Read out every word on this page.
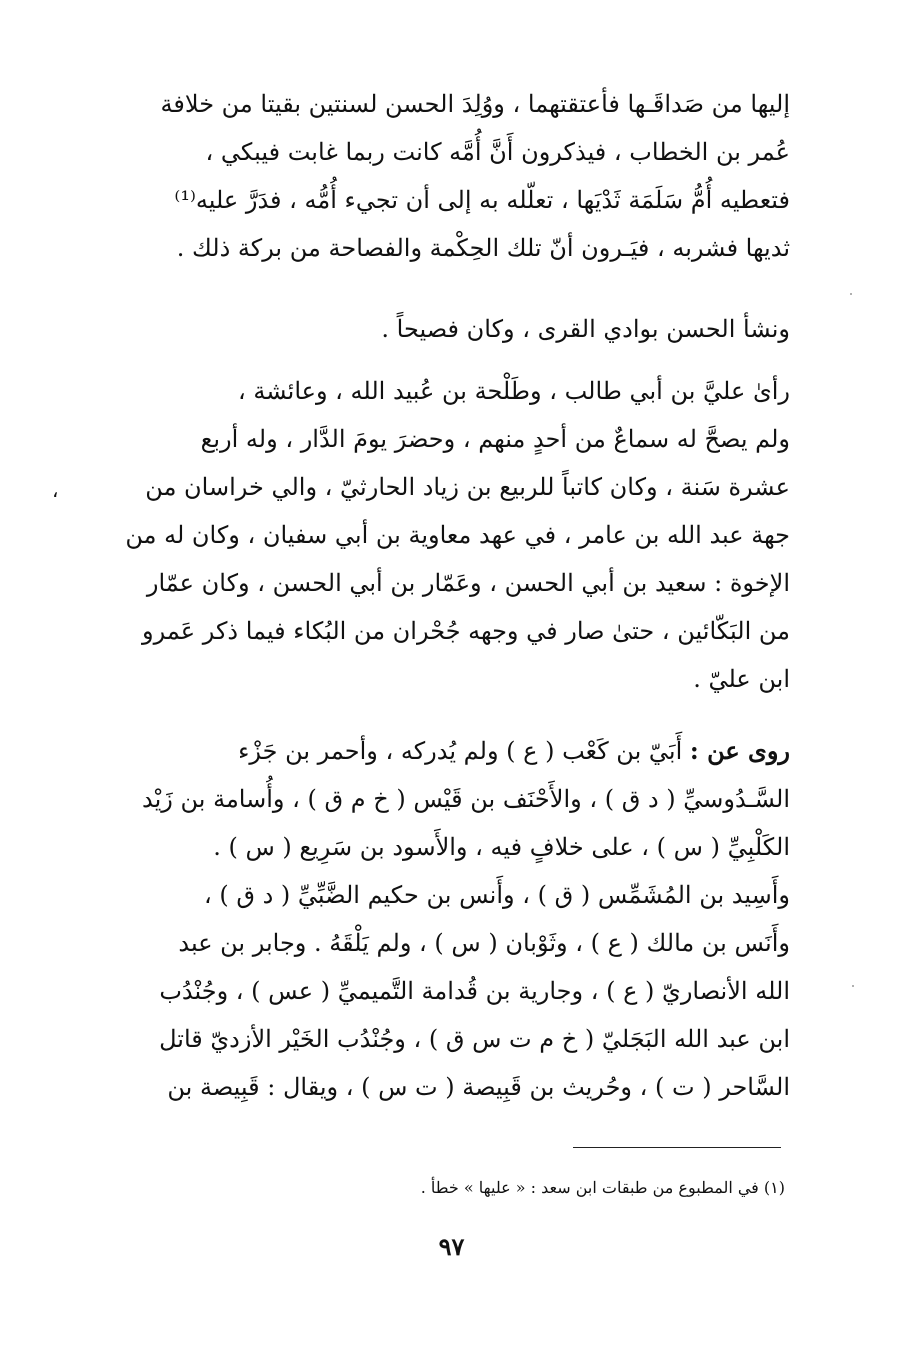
إليها من صَداقَـها فأعتقتهما ، ووُلِدَ الحسن لسنتين بقيتا من خلافة
عُمر بن الخطاب ، فيذكرون أَنَّ أُمَّه كانت ربما غابت فيبكي ،
فتعطيه أُمُّ سَلَمَة ثَدْيَها ، تعلّله به إلى أن تجيء أُمُّه ، فدَرَّ عليه⁽¹⁾
ثديها فشربه ، فيَـرون أنّ تلك الحِكْمة والفصاحة من بركة ذلك .
ونشأ الحسن بوادي القرى ، وكان فصيحاً .
رأىٰ عليَّ بن أبي طالب ، وطَلْحة بن عُبيد الله ، وعائشة ،
ولم يصحَّ له سماعٌ من أحدٍ منهم ، وحضرَ يومَ الدَّار ، وله أربع
عشرة سَنة ، وكان كاتباً للربيع بن زياد الحارثيّ ، والي خراسان من
جهة عبد الله بن عامر ، في عهد معاوية بن أبي سفيان ، وكان له من
الإخوة : سعيد بن أبي الحسن ، وعَمّار بن أبي الحسن ، وكان عمّار
من البَكّائين ، حتىٰ صار في وجهه جُحْران من البُكاء فيما ذكر عَمرو
ابن عليّ .
روى عن : أَبَيّ بن كَعْب ( ع ) ولم يُدركه ، وأحمر بن جَزْء
السَّـدُوسيِّ ( د ق ) ، والأَحْنَف بن قَيْس ( خ م ق ) ، وأُسامة بن زَيْد
الكَلْبِيِّ ( س ) ، على خلافٍ فيه ، والأَسود بن سَرِيع ( س ) .
وأَسِيد بن المُشَمِّس ( ق ) ، وأَنس بن حكيم الضَّبِّيِّ ( د ق ) ،
وأَنَس بن مالك ( ع ) ، وثَوْبان ( س ) ، ولم يَلْقَهُ . وجابر بن عبد
الله الأنصاريّ ( ع ) ، وجارية بن قُدامة التَّميميِّ ( عس ) ، وجُنْدُب
ابن عبد الله البَجَليّ ( خ م ت س ق ) ، وجُنْدُب الخَيْر الأزديّ قاتل
السَّاحر ( ت ) ، وحُريث بن قَبِيصة ( ت س ) ، ويقال : قَبِيصة بن
،
(١) في المطبوع من طبقات ابن سعد : « عليها » خطأ .
٩٧
